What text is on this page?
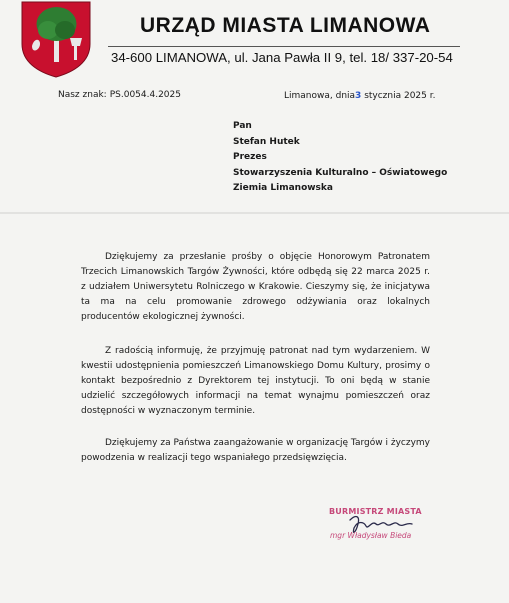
URZĄD MIASTA LIMANOWA
34-600 LIMANOWA, ul. Jana Pawła II 9, tel. 18/ 337-20-54
Nasz znak: PS.0054.4.2025	Limanowa, dnia3 stycznia 2025 r.
Pan
Stefan Hutek
Prezes
Stowarzyszenia Kulturalno – Oświatowego
Ziemia Limanowska
Dziękujemy za przesłanie prośby o objęcie Honorowym Patronatem Trzecich Limanowskich Targów Żywności, które odbędą się 22 marca 2025 r. z udziałem Uniwersytetu Rolniczego w Krakowie. Cieszymy się, że inicjatywa ta ma na celu promowanie zdrowego odżywiania oraz lokalnych producentów ekologicznej żywności.
Z radością informuję, że przyjmuję patronat nad tym wydarzeniem. W kwestii udostępnienia pomieszczeń Limanowskiego Domu Kultury, prosimy o kontakt bezpośrednio z Dyrektorem tej instytucji. To oni będą w stanie udzielić szczegółowych informacji na temat wynajmu pomieszczeń oraz dostępności w wyznaczonym terminie.
Dziękujemy za Państwa zaangażowanie w organizację Targów i życzymy powodzenia w realizacji tego wspaniałego przedsięwzięcia.
BURMISTRZ MIASTA
mgr Władysław Bieda
